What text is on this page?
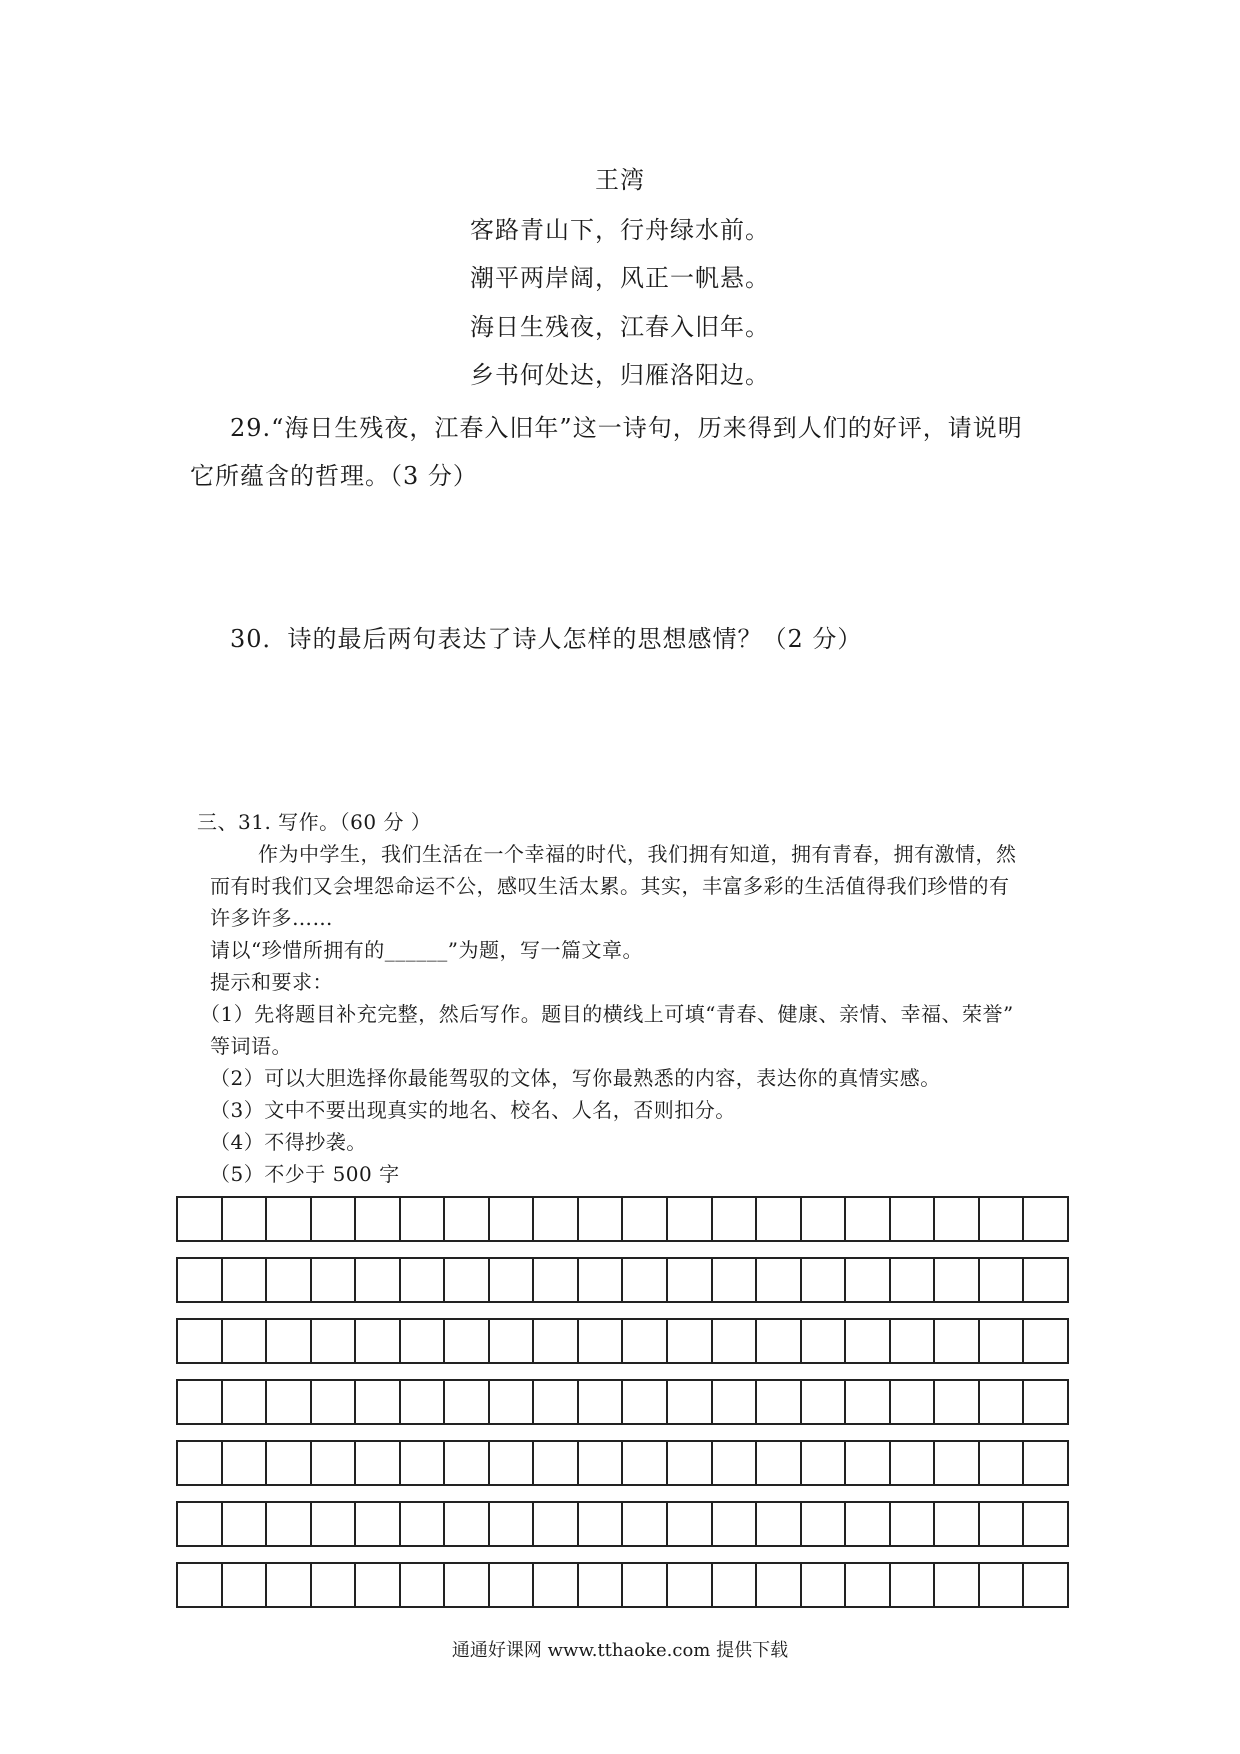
王湾
客路青山下，行舟绿水前。
潮平两岸阔，风正一帆悬。
海日生残夜，江春入旧年。
乡书何处达，归雁洛阳边。
29.“海日生残夜，江春入旧年”这一诗句，历来得到人们的好评，请说明
它所蕴含的哲理。（3 分）
30．诗的最后两句表达了诗人怎样的思想感情？（2 分）
三、31. 写作。（60 分 ）
作为中学生，我们生活在一个幸福的时代，我们拥有知道，拥有青春，拥有激情，然
而有时我们又会埋怨命运不公，感叹生活太累。其实，丰富多彩的生活值得我们珍惜的有
许多许多……
请以“珍惜所拥有的______”为题，写一篇文章。
提示和要求：
（1）先将题目补充完整，然后写作。题目的横线上可填“青春、健康、亲情、幸福、荣誉”
等词语。
（2）可以大胆选择你最能驾驭的文体，写你最熟悉的内容，表达你的真情实感。
（3）文中不要出现真实的地名、校名、人名，否则扣分。
（4）不得抄袭。
（5）不少于 500 字
通通好课网 www.tthaoke.com 提供下载
